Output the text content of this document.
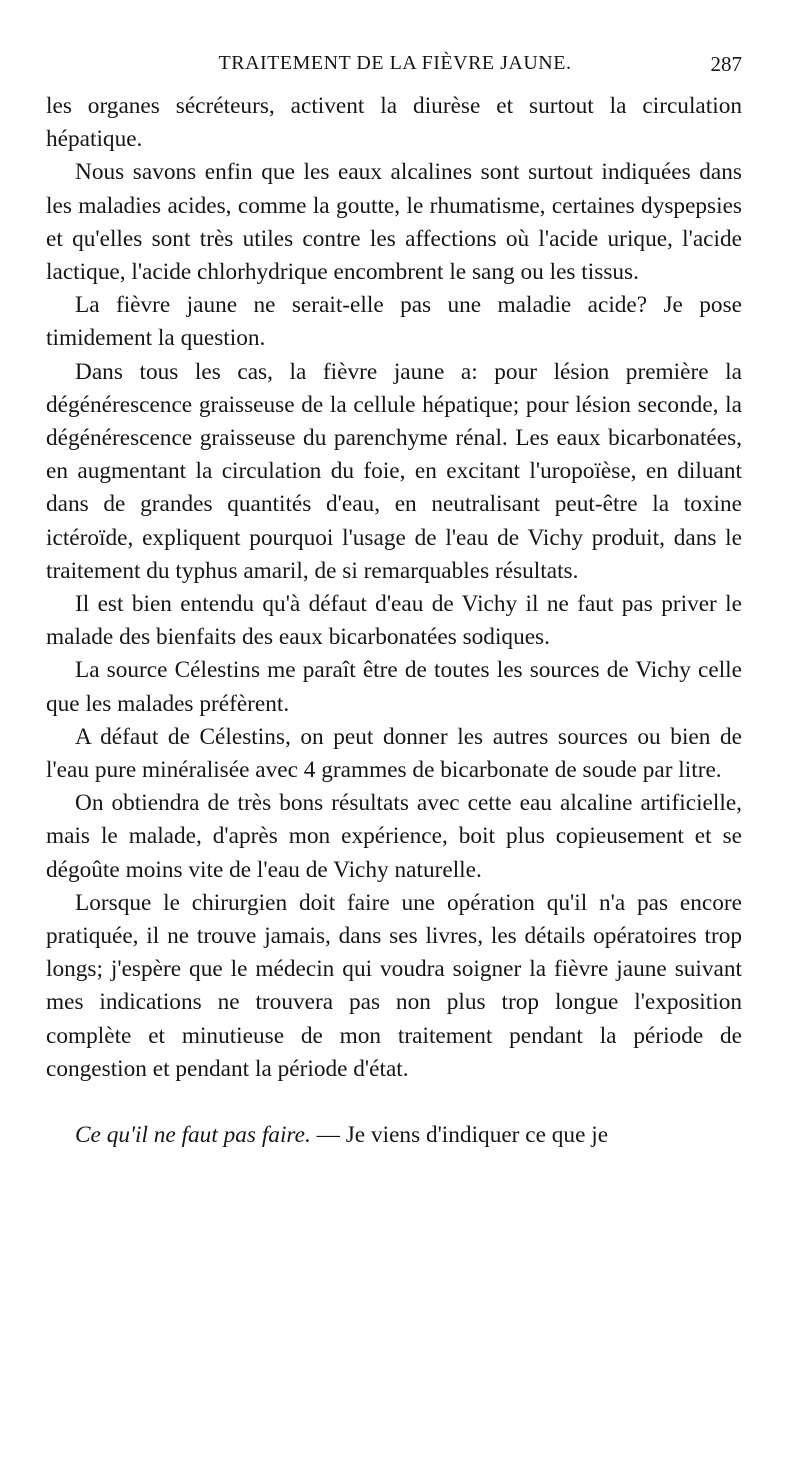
TRAITEMENT DE LA FIÈVRE JAUNE.	287

les organes sécréteurs, activent la diurèse et surtout la circulation hépatique.

Nous savons enfin que les eaux alcalines sont surtout indiquées dans les maladies acides, comme la goutte, le rhumatisme, certaines dyspepsies et qu'elles sont très utiles contre les affections où l'acide urique, l'acide lactique, l'acide chlorhydrique encombrent le sang ou les tissus.

La fièvre jaune ne serait-elle pas une maladie acide? Je pose timidement la question.

Dans tous les cas, la fièvre jaune a: pour lésion première la dégénérescence graisseuse de la cellule hépatique; pour lésion seconde, la dégénérescence graisseuse du parenchyme rénal. Les eaux bicarbonatées, en augmentant la circulation du foie, en excitant l'uropoïèse, en diluant dans de grandes quantités d'eau, en neutralisant peut-être la toxine ictéroïde, expliquent pourquoi l'usage de l'eau de Vichy produit, dans le traitement du typhus amaril, de si remarquables résultats.

Il est bien entendu qu'à défaut d'eau de Vichy il ne faut pas priver le malade des bienfaits des eaux bicarbonatées sodiques.

La source Célestins me paraît être de toutes les sources de Vichy celle que les malades préfèrent.

A défaut de Célestins, on peut donner les autres sources ou bien de l'eau pure minéralisée avec 4 grammes de bicarbonate de soude par litre.

On obtiendra de très bons résultats avec cette eau alcaline artificielle, mais le malade, d'après mon expérience, boit plus copieusement et se dégoûte moins vite de l'eau de Vichy naturelle.

Lorsque le chirurgien doit faire une opération qu'il n'a pas encore pratiquée, il ne trouve jamais, dans ses livres, les détails opératoires trop longs; j'espère que le médecin qui voudra soigner la fièvre jaune suivant mes indications ne trouvera pas non plus trop longue l'exposition complète et minutieuse de mon traitement pendant la période de congestion et pendant la période d'état.

Ce qu'il ne faut pas faire. — Je viens d'indiquer ce que je
